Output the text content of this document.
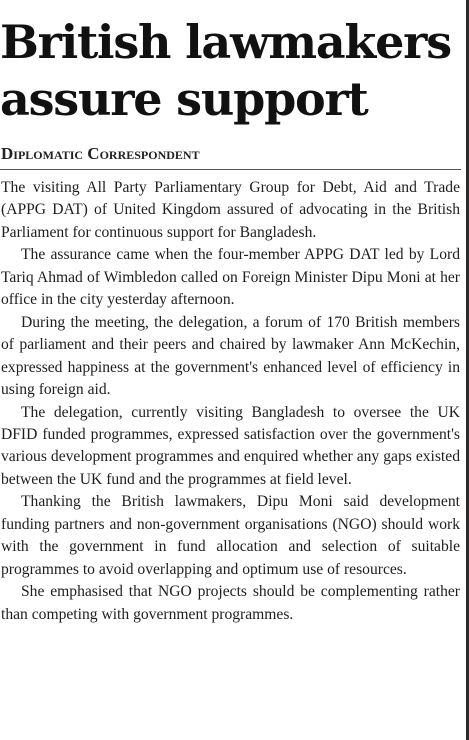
British lawmakers assure support
Diplomatic Correspondent

The visiting All Party Parliamentary Group for Debt, Aid and Trade (APPG DAT) of United Kingdom assured of advocating in the British Parliament for continuous support for Bangladesh.

The assurance came when the four-member APPG DAT led by Lord Tariq Ahmad of Wimbledon called on Foreign Minister Dipu Moni at her office in the city yesterday afternoon.

During the meeting, the delegation, a forum of 170 British members of parliament and their peers and chaired by lawmaker Ann McKechin, expressed happiness at the government's enhanced level of efficiency in using foreign aid.

The delegation, currently visiting Bangladesh to oversee the UK DFID funded programmes, expressed satisfaction over the government's various development programmes and enquired whether any gaps existed between the UK fund and the programmes at field level.

Thanking the British lawmakers, Dipu Moni said development funding partners and non-government organisations (NGO) should work with the government in fund allocation and selection of suitable programmes to avoid overlapping and optimum use of resources.

She emphasised that NGO projects should be complementing rather than competing with government programmes.
